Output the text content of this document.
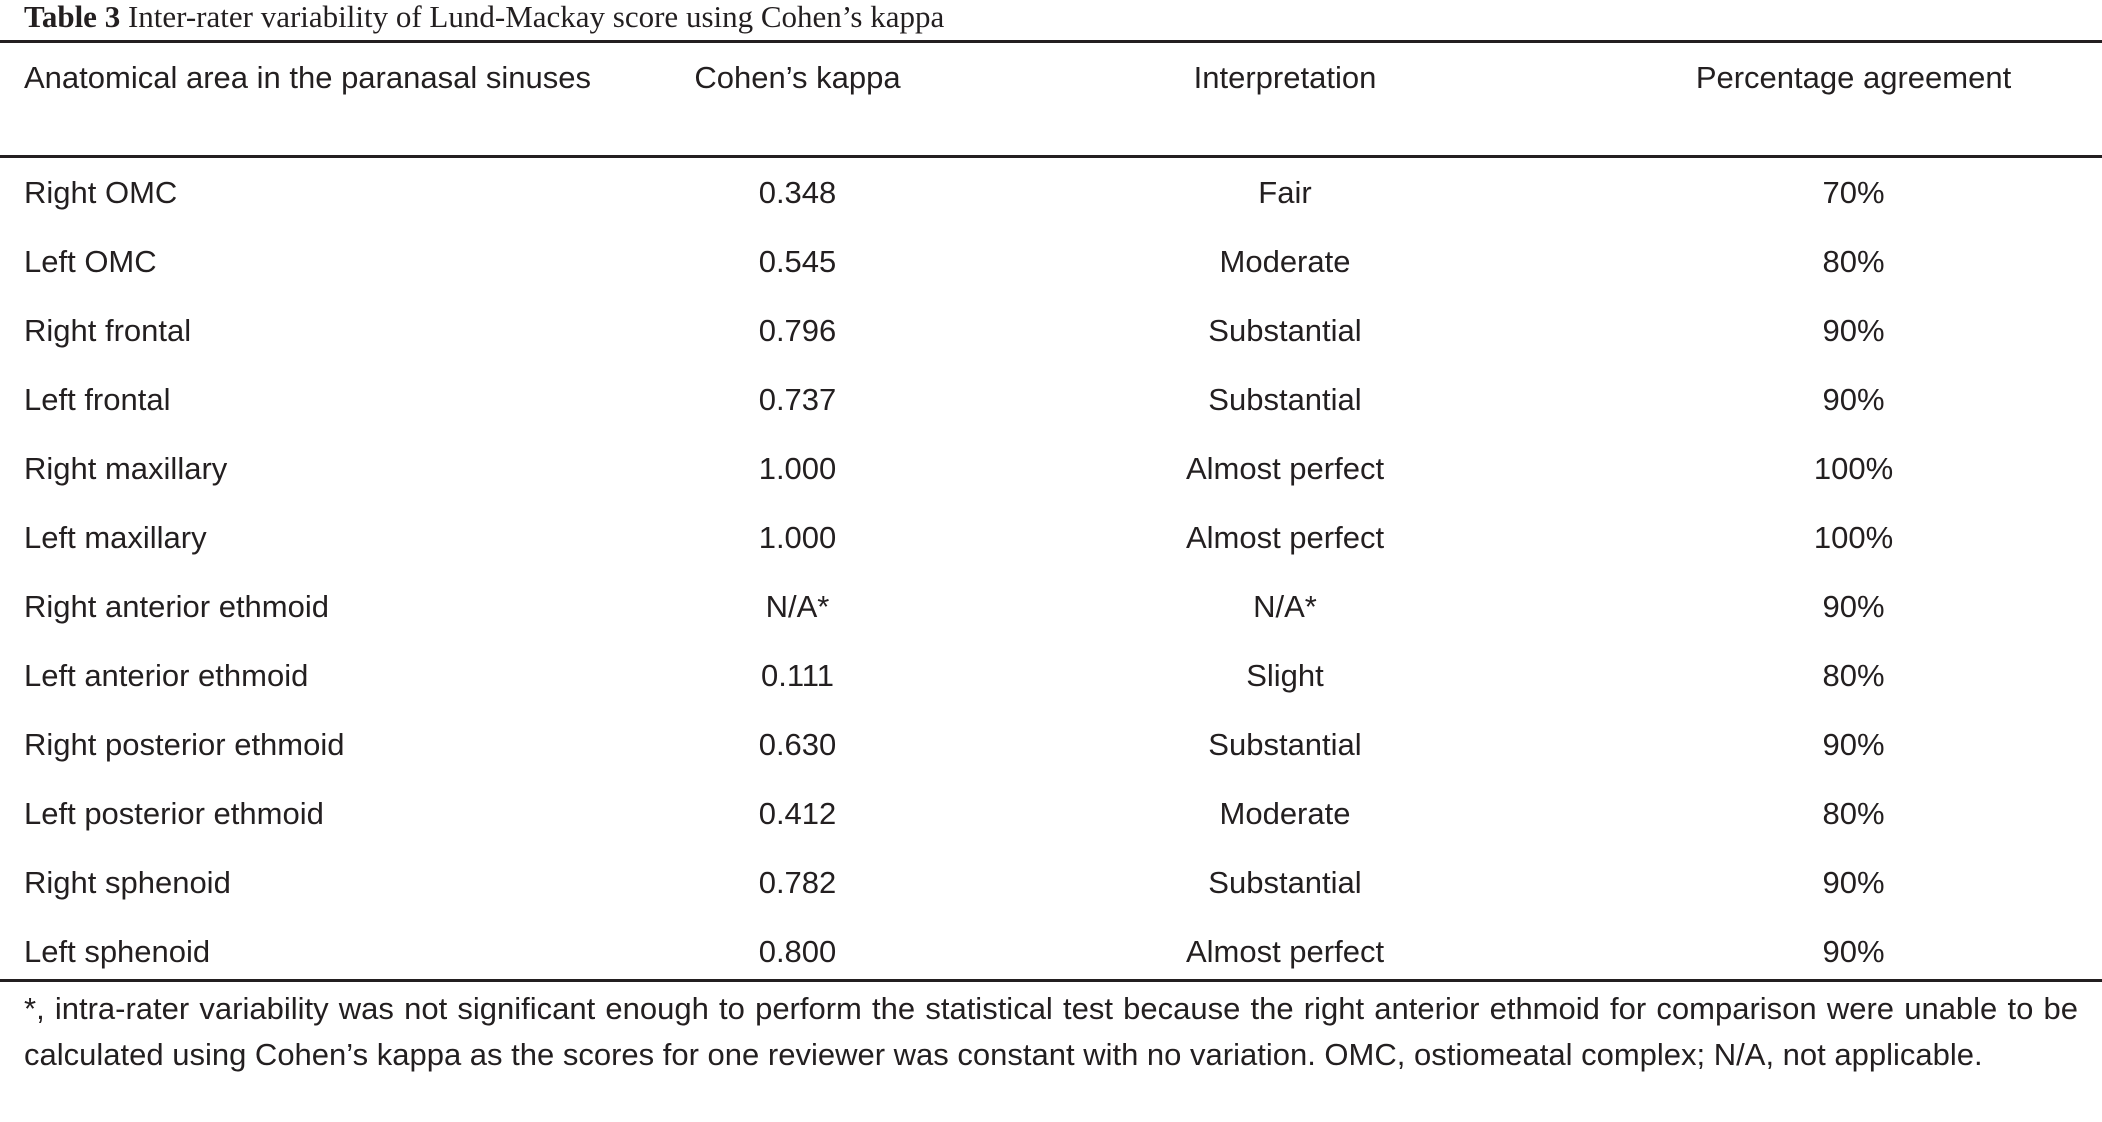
Table 3 Inter-rater variability of Lund-Mackay score using Cohen’s kappa
Anatomical area in the paranasal sinuses	Cohen’s kappa	Interpretation	Percentage agreement
Right OMC	0.348	Fair	70%
Left OMC	0.545	Moderate	80%
Right frontal	0.796	Substantial	90%
Left frontal	0.737	Substantial	90%
Right maxillary	1.000	Almost perfect	100%
Left maxillary	1.000	Almost perfect	100%
Right anterior ethmoid	N/A*	N/A*	90%
Left anterior ethmoid	0.111	Slight	80%
Right posterior ethmoid	0.630	Substantial	90%
Left posterior ethmoid	0.412	Moderate	80%
Right sphenoid	0.782	Substantial	90%
Left sphenoid	0.800	Almost perfect	90%
*, intra-rater variability was not significant enough to perform the statistical test because the right anterior ethmoid for comparison were unable to be calculated using Cohen’s kappa as the scores for one reviewer was constant with no variation. OMC, ostiomeatal complex; N/A, not applicable.
